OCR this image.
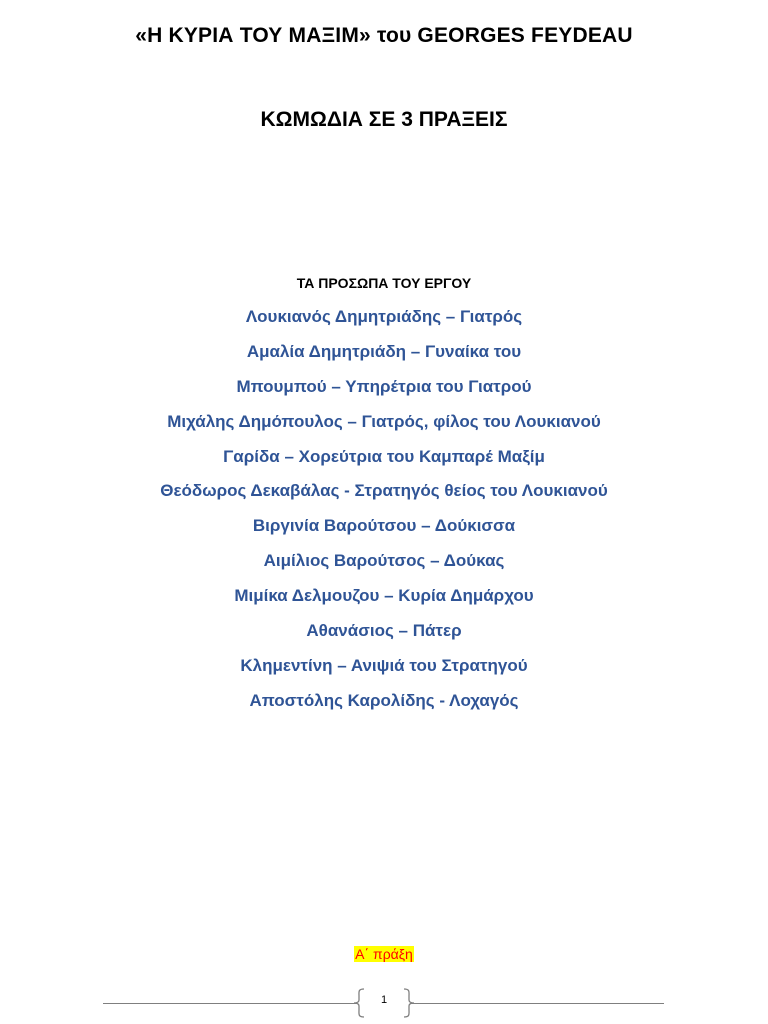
«Η ΚΥΡΙΑ ΤΟΥ ΜΑΞΙΜ» του GEORGES FEYDEAU
ΚΩΜΩΔΙΑ ΣΕ 3 ΠΡΑΞΕΙΣ
ΤΑ ΠΡΟΣΩΠΑ ΤΟΥ ΕΡΓΟΥ
Λουκιανός Δημητριάδης – Γιατρός
Αμαλία Δημητριάδη – Γυναίκα του
Μπουμπού – Υπηρέτρια του Γιατρού
Μιχάλης Δημόπουλος – Γιατρός, φίλος του Λουκιανού
Γαρίδα – Χορεύτρια του Καμπαρέ Μαξίμ
Θεόδωρος Δεκαβάλας - Στρατηγός θείος του Λουκιανού
Βιργινία Βαρούτσου – Δούκισσα
Αιμίλιος Βαρούτσος – Δούκας
Μιμίκα Δελμουζου – Κυρία Δημάρχου
Αθανάσιος – Πάτερ
Κλημεντίνη – Ανιψιά του Στρατηγού
Αποστόλης Καρολίδης - Λοχαγός
Α΄ πράξη
1
